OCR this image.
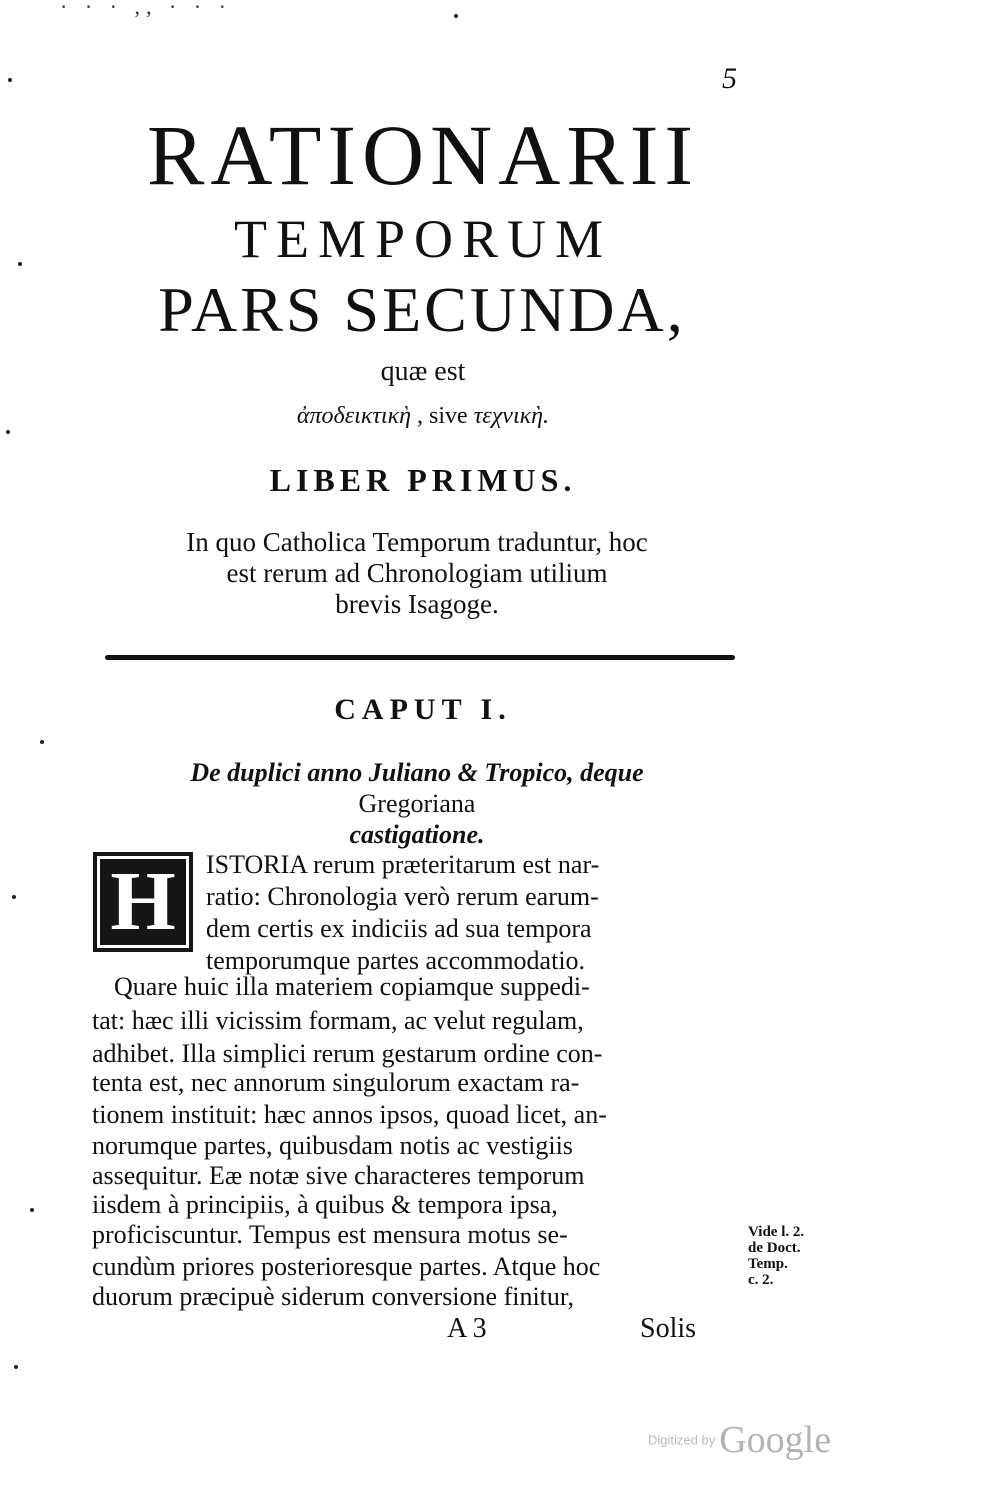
· · · ,, · · ·
5
RATIONARII
TEMPORUM
PARS SECUNDA,
quæ est
ἀποδεικτικὴ , sive τεχνικὴ.
LIBER PRIMUS.
In quo Catholica Temporum traduntur, hoc
est rerum ad Chronologiam utilium
brevis Isagoge.
CAPUT I.
De duplici anno Juliano & Tropico, deque
Gregoriana
castigatione.
H	ISTORIA rerum præteritarum est nar-
ratio: Chronologia verò rerum earum-
dem certis ex indiciis ad sua tempora
temporumque partes accommodatio.
Quare huic illa materiem copiamque suppedi-
tat: hæc illi vicissim formam, ac velut regulam,
adhibet. Illa simplici rerum gestarum ordine con-
tenta est, nec annorum singulorum exactam ra-
tionem instituit: hæc annos ipsos, quoad licet, an-
norumque partes, quibusdam notis ac vestigiis
assequitur. Eæ notæ sive characteres temporum
iisdem à principiis, à quibus & tempora ipsa,
proficiscuntur. Tempus est mensura motus se-
cundùm priores posterioresque partes. Atque hoc
duorum præcipuè siderum conversione finitur,
Vide l. 2.
de Doct.
Temp.
c. 2.
A 3	Solis
Digitized by Google
